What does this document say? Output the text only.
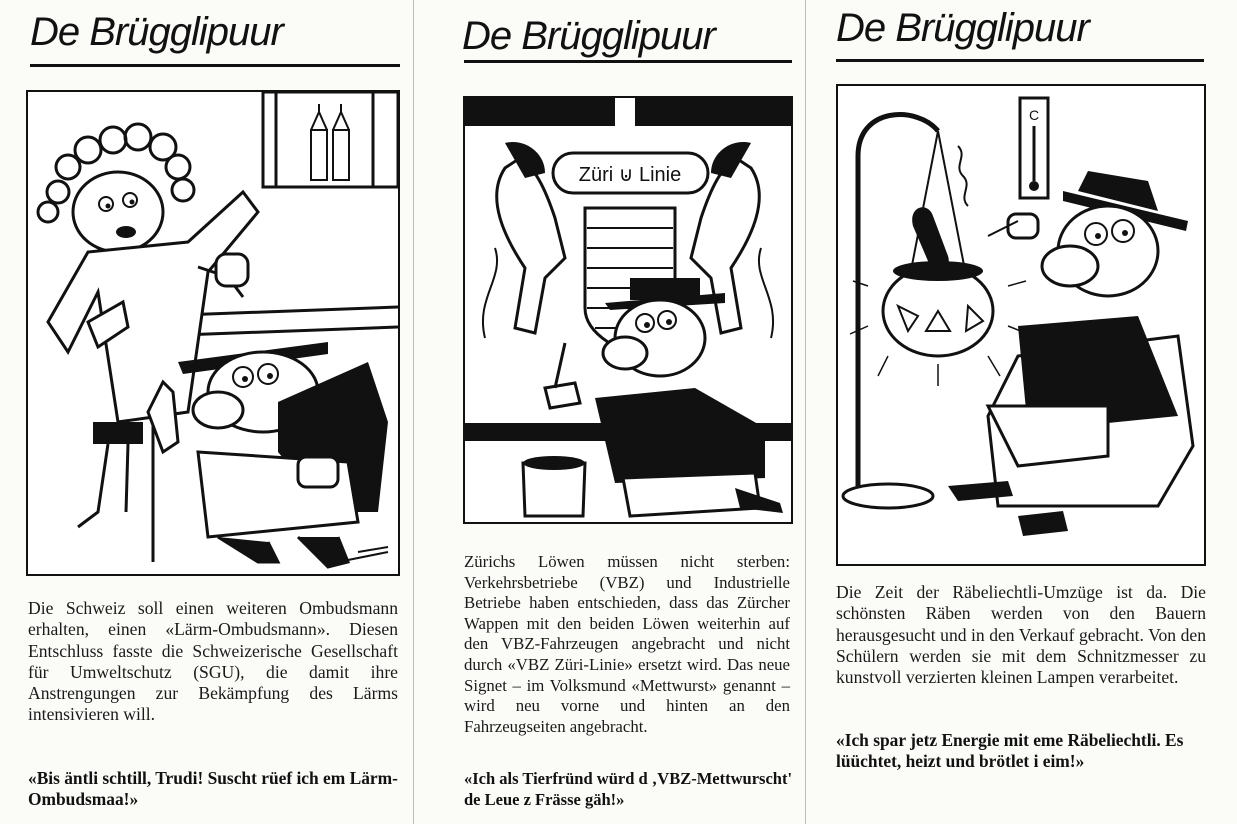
De Brügglipuur
Die Schweiz soll einen weiteren Ombudsmann erhalten, einen «Lärm-Ombudsmann». Diesen Entschluss fasste die Schweizerische Gesellschaft für Umweltschutz (SGU), die damit ihre Anstrengungen zur Bekämpfung des Lärms intensivieren will.
«Bis äntli schtill, Trudi! Suscht rüef ich em Lärm-Ombudsmaa!»
De Brügglipuur
Züri ⊍ Linie
Zürichs Löwen müssen nicht sterben: Verkehrsbetriebe (VBZ) und Industrielle Betriebe haben entschieden, dass das Zürcher Wappen mit den beiden Löwen weiterhin auf den VBZ-Fahrzeugen angebracht und nicht durch «VBZ Züri-Linie» ersetzt wird. Das neue Signet – im Volksmund «Mettwurst» genannt – wird neu vorne und hinten an den Fahrzeugseiten angebracht.
«Ich als Tierfründ würd d ‚VBZ-Mettwurscht' de Leue z Frässe gäh!»
De Brügglipuur
C
Die Zeit der Räbeliechtli-Umzüge ist da. Die schönsten Räben werden von den Bauern herausgesucht und in den Verkauf gebracht. Von den Schülern werden sie mit dem Schnitzmesser zu kunstvoll verzierten kleinen Lampen verarbeitet.
«Ich spar jetz Energie mit eme Räbeliechtli. Es lüüchtet, heizt und brötlet i eim!»
